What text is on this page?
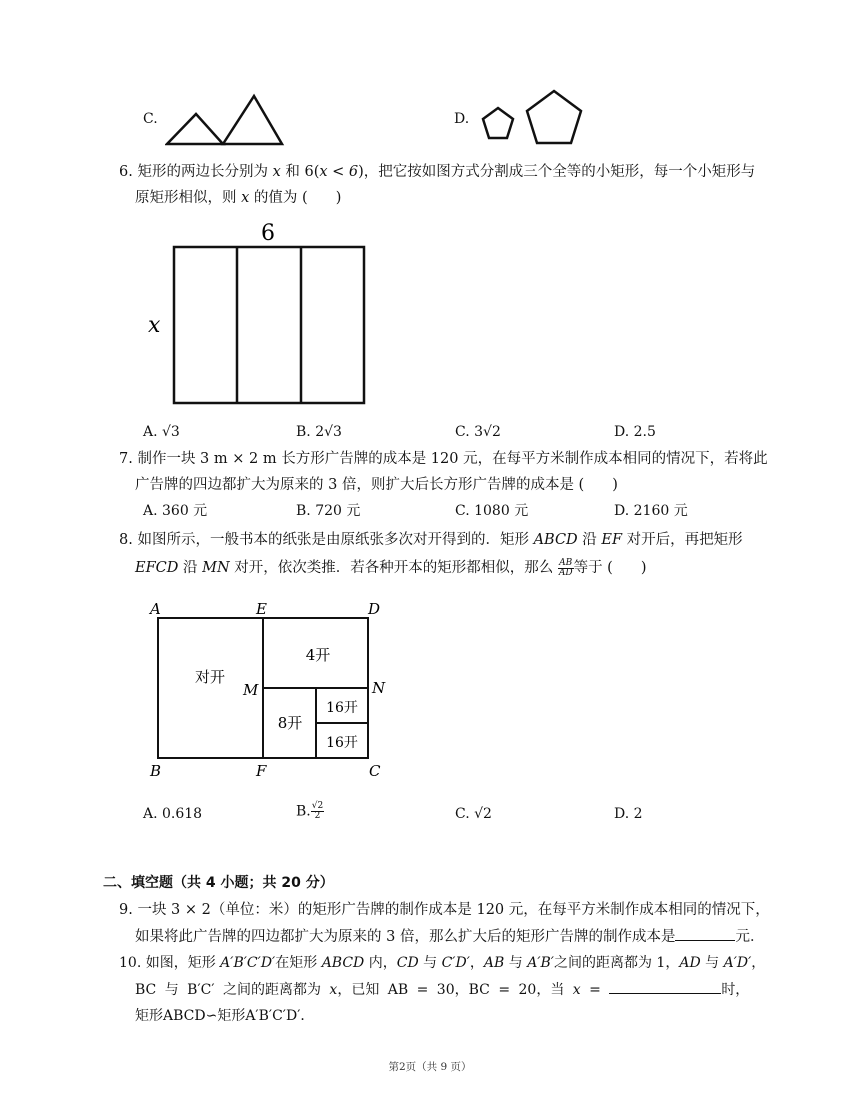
C.	D.
6. 矩形的两边长分别为 x 和 6(x < 6)，把它按如图方式分割成三个全等的小矩形，每一个小矩形与
原矩形相似，则 x 的值为 ( )
6
x
A. √3	B. 2√3	C. 3√2	D. 2.5
7. 制作一块 3 m × 2 m 长方形广告牌的成本是 120 元，在每平方米制作成本相同的情况下，若将此
广告牌的四边都扩大为原来的 3 倍，则扩大后长方形广告牌的成本是 ( )
A. 360 元	B. 720 元	C. 1080 元	D. 2160 元
8. 如图所示，一般书本的纸张是由原纸张多次对开得到的．矩形 ABCD 沿 EF 对开后，再把矩形
EFCD 沿 MN 对开，依次类推．若各种开本的矩形都相似，那么 $\frac{AB}{AD}$ 等于 ( )
A	E	D
B	F	C
M	N
对开
4开
8开
16开
16开
A. 0.618	B. $\frac{√2}{2}$	C. √2	D. 2
二、填空题（共 4 小题；共 20 分）
9. 一块 3 × 2（单位：米）的矩形广告牌的制作成本是 120 元，在每平方米制作成本相同的情况下，
如果将此广告牌的四边都扩大为原来的 3 倍，那么扩大后的矩形广告牌的制作成本是	元．
10. 如图，矩形 A′B′C′D′在矩形 ABCD 内，CD 与 C′D′，AB 与 A′B′之间的距离都为 1，AD 与 A′D′，
BC 与 B′C′ 之间的距离都为 x，已知 AB = 30，BC = 20，当 x =	时，
矩形ABCD∽矩形A′B′C′D′．
第2页（共 9 页）
